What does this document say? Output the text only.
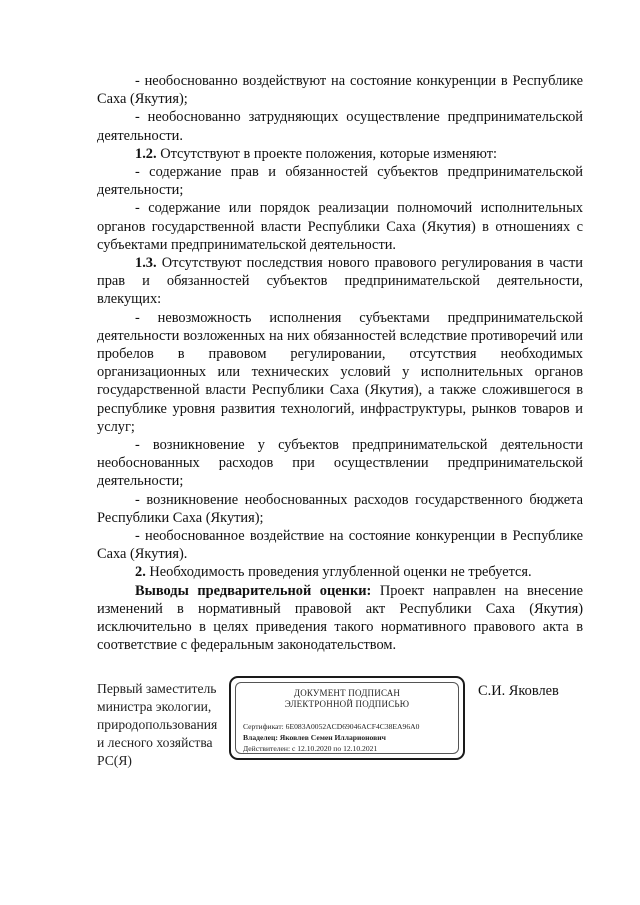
- необоснованно воздействуют на состояние конкуренции в Республике Саха (Якутия);

- необоснованно затрудняющих осуществление предпринимательской деятельности.

1.2. Отсутствуют в проекте положения, которые изменяют:

- содержание прав и обязанностей субъектов предпринимательской деятельности;

- содержание или порядок реализации полномочий исполнительных органов государственной власти Республики Саха (Якутия) в отношениях с субъектами предпринимательской деятельности.

1.3. Отсутствуют последствия нового правового регулирования в части прав и обязанностей субъектов предпринимательской деятельности, влекущих:

- невозможность исполнения субъектами предпринимательской деятельности возложенных на них обязанностей вследствие противоречий или пробелов в правовом регулировании, отсутствия необходимых организационных или технических условий у исполнительных органов государственной власти Республики Саха (Якутия), а также сложившегося в республике уровня развития технологий, инфраструктуры, рынков товаров и услуг;

- возникновение у субъектов предпринимательской деятельности необоснованных расходов при осуществлении предпринимательской деятельности;

- возникновение необоснованных расходов государственного бюджета Республики Саха (Якутия);

- необоснованное воздействие на состояние конкуренции в Республике Саха (Якутия).

2. Необходимость проведения углубленной оценки не требуется.

Выводы предварительной оценки: Проект направлен на внесение изменений в нормативный правовой акт Республики Саха (Якутия) исключительно в целях приведения такого нормативного правового акта в соответствие с федеральным законодательством.

Первый заместитель
министра экологии,
природопользования
и лесного хозяйства
РС(Я)
ДОКУМЕНТ ПОДПИСАН
ЭЛЕКТРОННОЙ ПОДПИСЬЮ
Сертификат: 6E083A0052ACD69046ACF4C38EA96A0
Владелец: Яковлев Семен Илларионович
Действителен: с 12.10.2020 по 12.10.2021
С.И. Яковлев
